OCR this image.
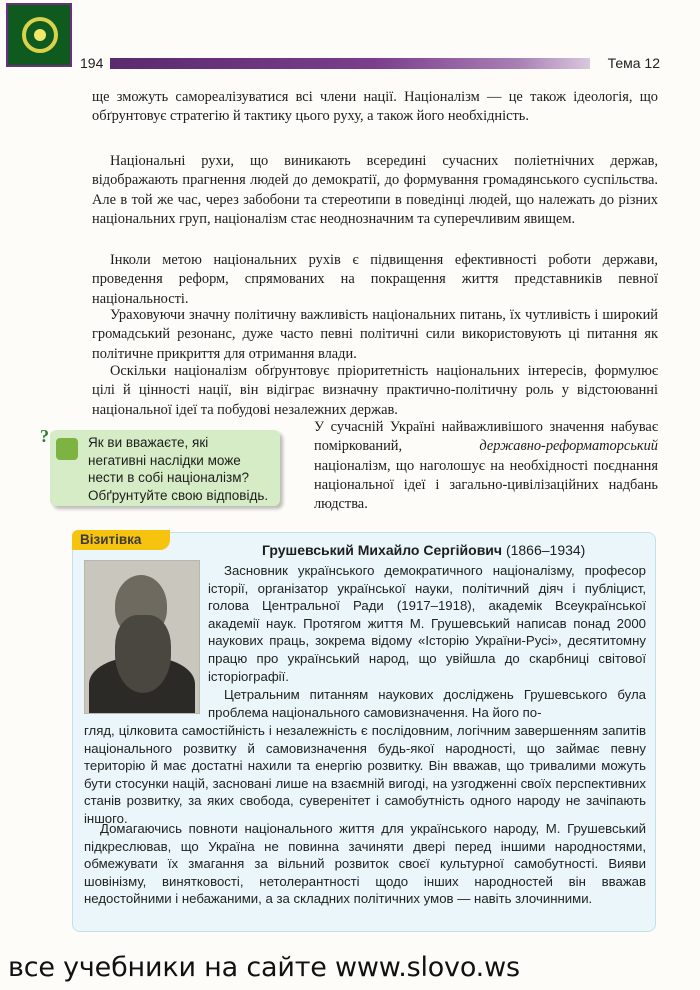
194	Тема 12

ще зможуть самореалізуватися всі члени нації. Націоналізм — це також ідеологія, що обґрунтовує стратегію й тактику цього руху, а також його необхідність.

Національні рухи, що виникають всередині сучасних поліетнічних держав, відображають прагнення людей до демократії, до формування громадянського суспільства. Але в той же час, через забобони та стереотипи в поведінці людей, що належать до різних національних груп, націоналізм стає неоднозначним та суперечливим явищем.

Інколи метою національних рухів є підвищення ефективності роботи держави, проведення реформ, спрямованих на покращення життя представників певної національності.

Ураховуючи значну політичну важливість національних питань, їх чутливість і широкий громадський резонанс, дуже часто певні політичні сили використовують ці питання як політичне прикриття для отримання влади.

Оскільки націоналізм обґрунтовує пріоритетність національних інтересів, формулює цілі й цінності нації, він відіграє визначну практично-політичну роль у відстоюванні національної ідеї та побудові незалежних держав.

У сучасній Україні найважливішого значення набуває поміркований, державно-реформаторський націоналізм, що наголошує на необхідності поєднання національної ідеї і загально-цивілізаційних надбань людства.

?	Як ви вважаєте, які негативні наслідки може нести в собі націоналізм? Обґрунтуйте свою відповідь.
Візитівка
Грушевський Михайло Сергійович (1866–1934)

Засновник українського демократичного націоналізму, професор історії, організатор української науки, політичний діяч і публіцист, голова Центральної Ради (1917–1918), академік Всеукраїнської академії наук. Протягом життя М. Грушевський написав понад 2000 наукових праць, зокрема відому «Історію України-Русі», десятитомну працю про український народ, що увійшла до скарбниці світової історіографії.

Цетральним питанням наукових досліджень Грушевського була проблема національного самовизначення. На його по-

гляд, цілковита самостійність і незалежність є послідовним, логічним завершенням запитів національного розвитку й самовизначення будь-якої народності, що займає певну територію й має достатні нахили та енергію розвитку. Він вважав, що тривалими можуть бути стосунки націй, засновані лише на взаємній вигоді, на узгодженні своїх перспективних станів розвитку, за яких свобода, суверенітет і самобутність одного народу не зачіпають іншого.

Домагаючись повноти національного життя для українського народу, М. Грушевський підкреслював, що Україна не повинна зачиняти двері перед іншими народностями, обмежувати їх змагання за вільний розвиток своєї культурної самобутності. Вияви шовінізму, винятковості, нетолерантності щодо інших народностей він вважав недостойними і небажаними, а за складних політичних умов — навіть злочинними.

все учебники на сайте www.slovo.ws
